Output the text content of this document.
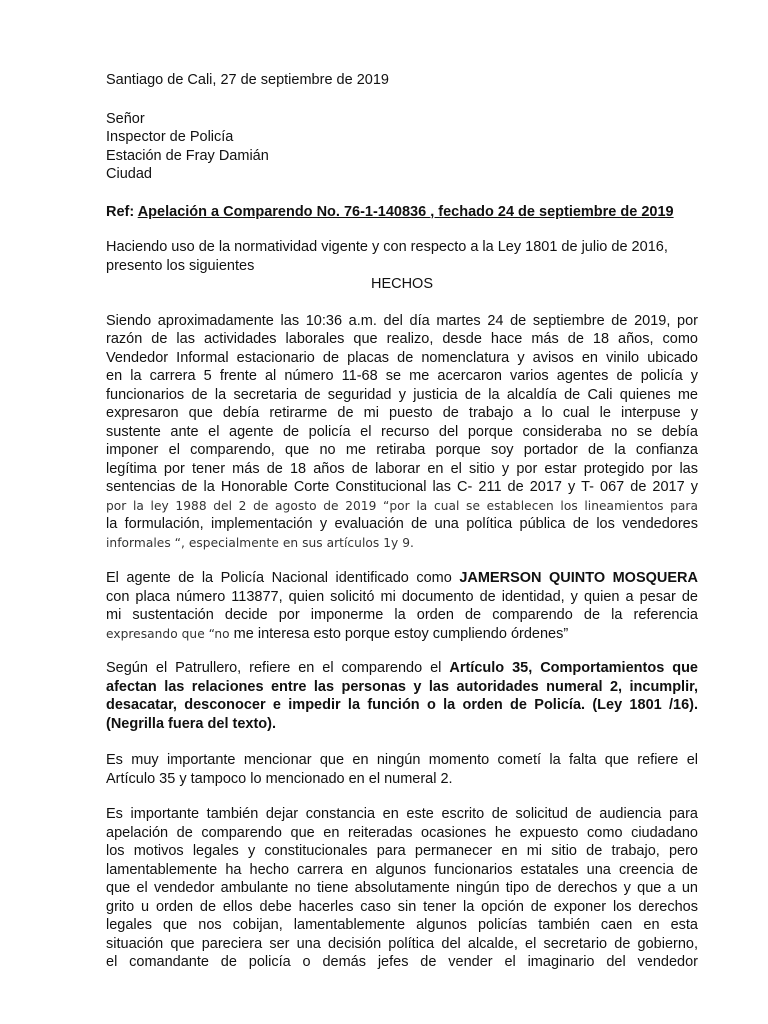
Santiago de Cali, 27 de septiembre de 2019

Señor

Inspector de Policía

Estación de Fray Damián

Ciudad

Ref: Apelación a Comparendo No. 76-1-140836 , fechado 24 de septiembre de 2019

Haciendo uso de la normatividad vigente y con respecto a la Ley 1801 de julio de 2016,

presento los siguientes

HECHOS

Siendo aproximadamente las 10:36 a.m. del día martes 24 de septiembre de 2019, por

razón de las actividades laborales que realizo, desde hace más de 18 años, como

Vendedor Informal estacionario de placas de nomenclatura y avisos en vinilo ubicado

en la carrera 5 frente al número 11-68 se me acercaron varios agentes de policía y

funcionarios de la secretaria de seguridad y justicia de la alcaldía de Cali quienes me

expresaron que debía retirarme de mi puesto de trabajo a lo cual le interpuse y

sustente ante el agente de policía el recurso del porque consideraba no se debía

imponer el comparendo, que no me retiraba porque soy portador de la confianza

legítima por tener más de 18 años de laborar en el sitio y por estar protegido por las

sentencias de la Honorable Corte Constitucional las C- 211 de 2017 y T- 067 de 2017 y

por la ley 1988 del 2 de agosto de 2019 “por la cual se establecen los lineamientos para

la formulación, implementación y evaluación de una política pública de los vendedores

informales “, especialmente en sus artículos 1y 9.

El agente de la Policía Nacional identificado como JAMERSON QUINTO MOSQUERA

con placa número 113877, quien solicitó mi documento de identidad, y quien a pesar de

mi sustentación decide por imponerme la orden de comparendo de la referencia

expresando que “no me interesa esto porque estoy cumpliendo órdenes”

Según el Patrullero, refiere en el comparendo el Artículo 35, Comportamientos que

afectan las relaciones entre las personas y las autoridades numeral 2, incumplir,

desacatar, desconocer e impedir la función o la orden de Policía. (Ley 1801 /16).

(Negrilla fuera del texto).

Es muy importante mencionar que en ningún momento cometí la falta que refiere el

Artículo 35 y tampoco lo mencionado en el numeral 2.

Es importante también dejar constancia en este escrito de solicitud de audiencia para

apelación de comparendo que en reiteradas ocasiones he expuesto como ciudadano

los motivos legales y constitucionales para permanecer en mi sitio de trabajo, pero

lamentablemente ha hecho carrera en algunos funcionarios estatales una creencia de

que el vendedor ambulante no tiene absolutamente ningún tipo de derechos y que a un

grito u orden de ellos debe hacerles caso sin tener la opción de exponer los derechos

legales que nos cobijan, lamentablemente algunos policías también caen en esta

situación que pareciera ser una decisión política del alcalde, el secretario de gobierno,

el comandante de policía o demás jefes de vender el imaginario del vendedor
